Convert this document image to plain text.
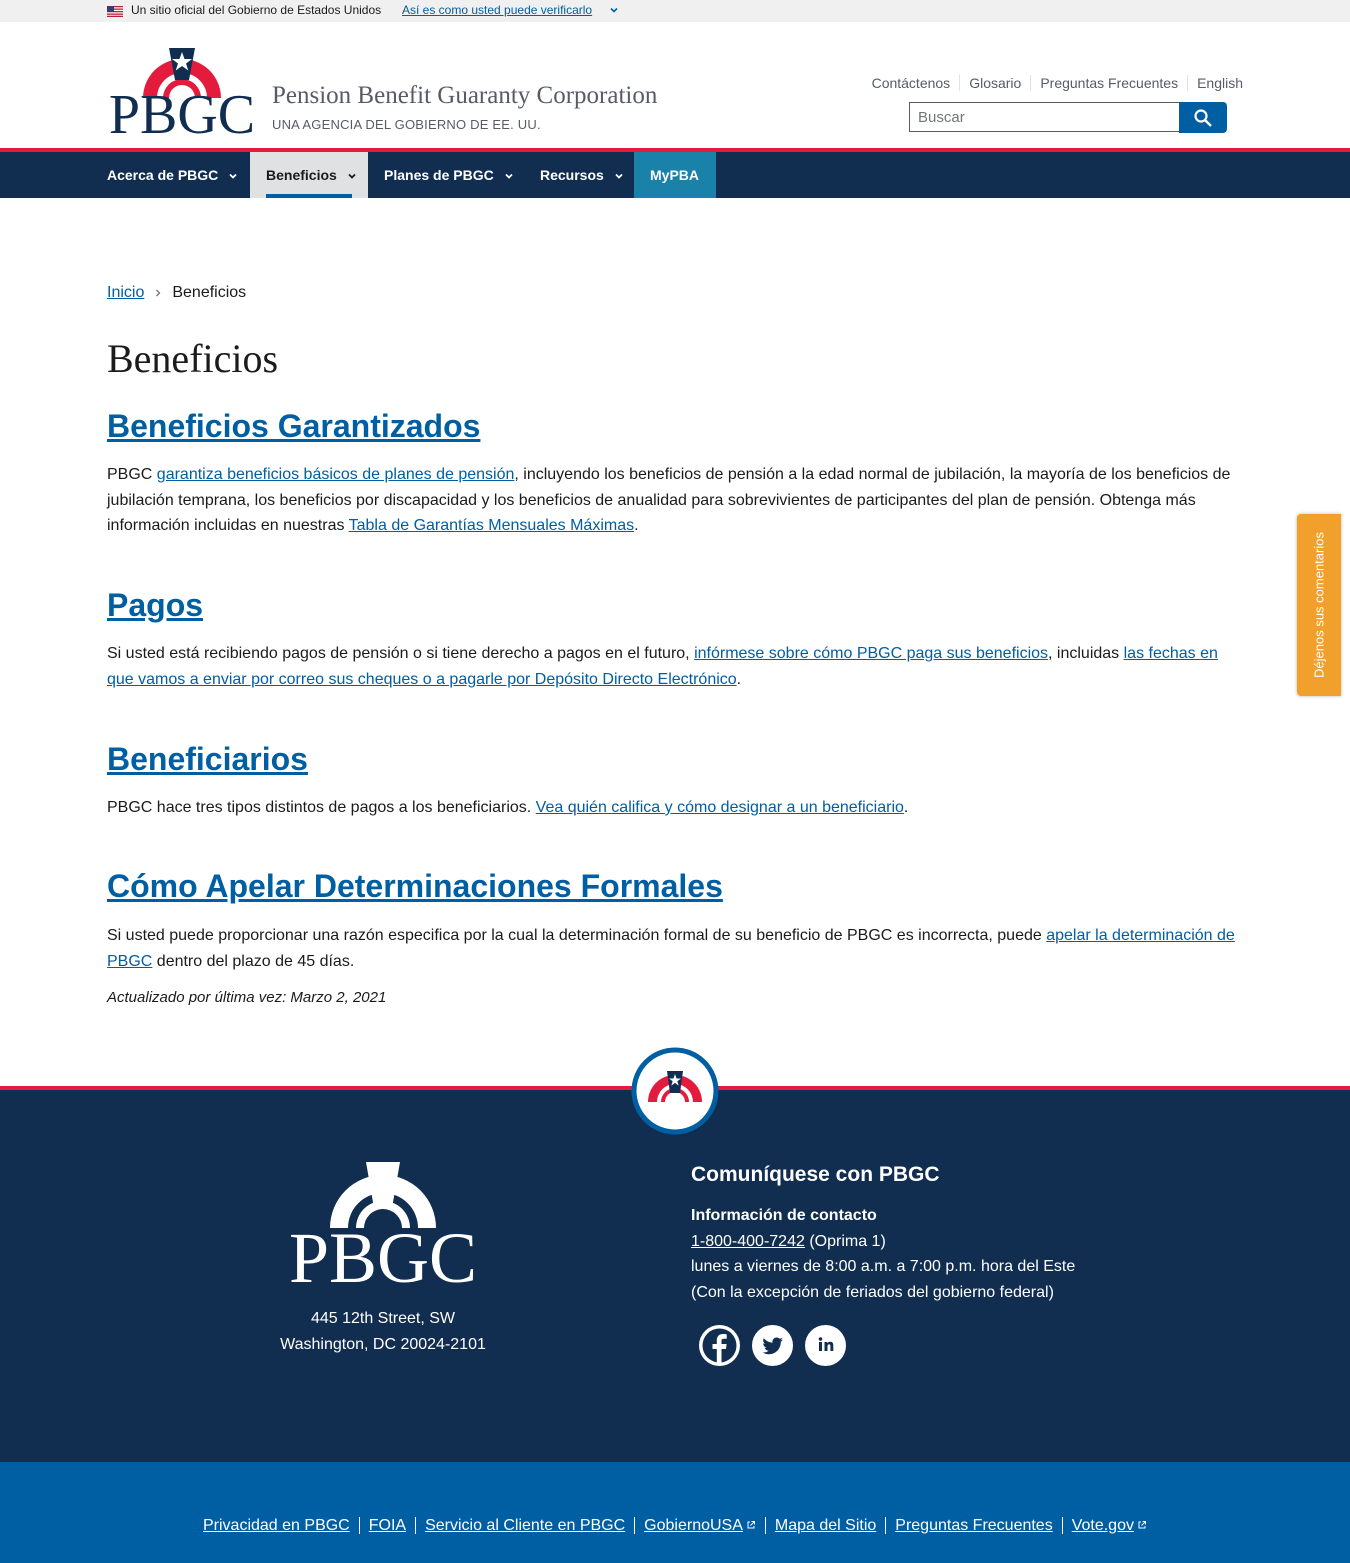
Un sitio oficial del Gobierno de Estados Unidos Así es como usted puede verificarlo
PBGC Pension Benefit Guaranty Corporation
UNA AGENCIA DEL GOBIERNO DE EE. UU.
Contáctenos	Glosario	Preguntas Frecuentes	English
Buscar
Acerca de PBGC	Beneficios	Planes de PBGC	Recursos	MyPBA
Inicio Beneficios
Beneficios
Beneficios Garantizados

PBGC garantiza beneficios básicos de planes de pensión, incluyendo los beneficios de pensión a la edad normal de jubilación, la mayoría de los beneficios de jubilación temprana, los beneficios por discapacidad y los beneficios de anualidad para sobrevivientes de participantes del plan de pensión. Obtenga más información incluidas en nuestras Tabla de Garantías Mensuales Máximas.

Pagos

Si usted está recibiendo pagos de pensión o si tiene derecho a pagos en el futuro, infórmese sobre cómo PBGC paga sus beneficios, incluidas las fechas en que vamos a enviar por correo sus cheques o a pagarle por Depósito Directo Electrónico.

Beneficiarios

PBGC hace tres tipos distintos de pagos a los beneficiarios. Vea quién califica y cómo designar a un beneficiario.

Cómo Apelar Determinaciones Formales

Si usted puede proporcionar una razón especifica por la cual la determinación formal de su beneficio de PBGC es incorrecta, puede apelar la determinación de PBGC dentro del plazo de 45 días.

Actualizado por última vez: Marzo 2, 2021
Déjenos sus comentarios
PBGC
445 12th Street, SW
Washington, DC 20024-2101
Comuníquese con PBGC
Información de contacto
1-800-400-7242 (Oprima 1)
lunes a viernes de 8:00 a.m. a 7:00 p.m. hora del Este
(Con la excepción de feriados del gobierno federal)
Privacidad en PBGC	FOIA	Servicio al Cliente en PBGC	GobiernoUSA	Mapa del Sitio	Preguntas Frecuentes	Vote.gov
